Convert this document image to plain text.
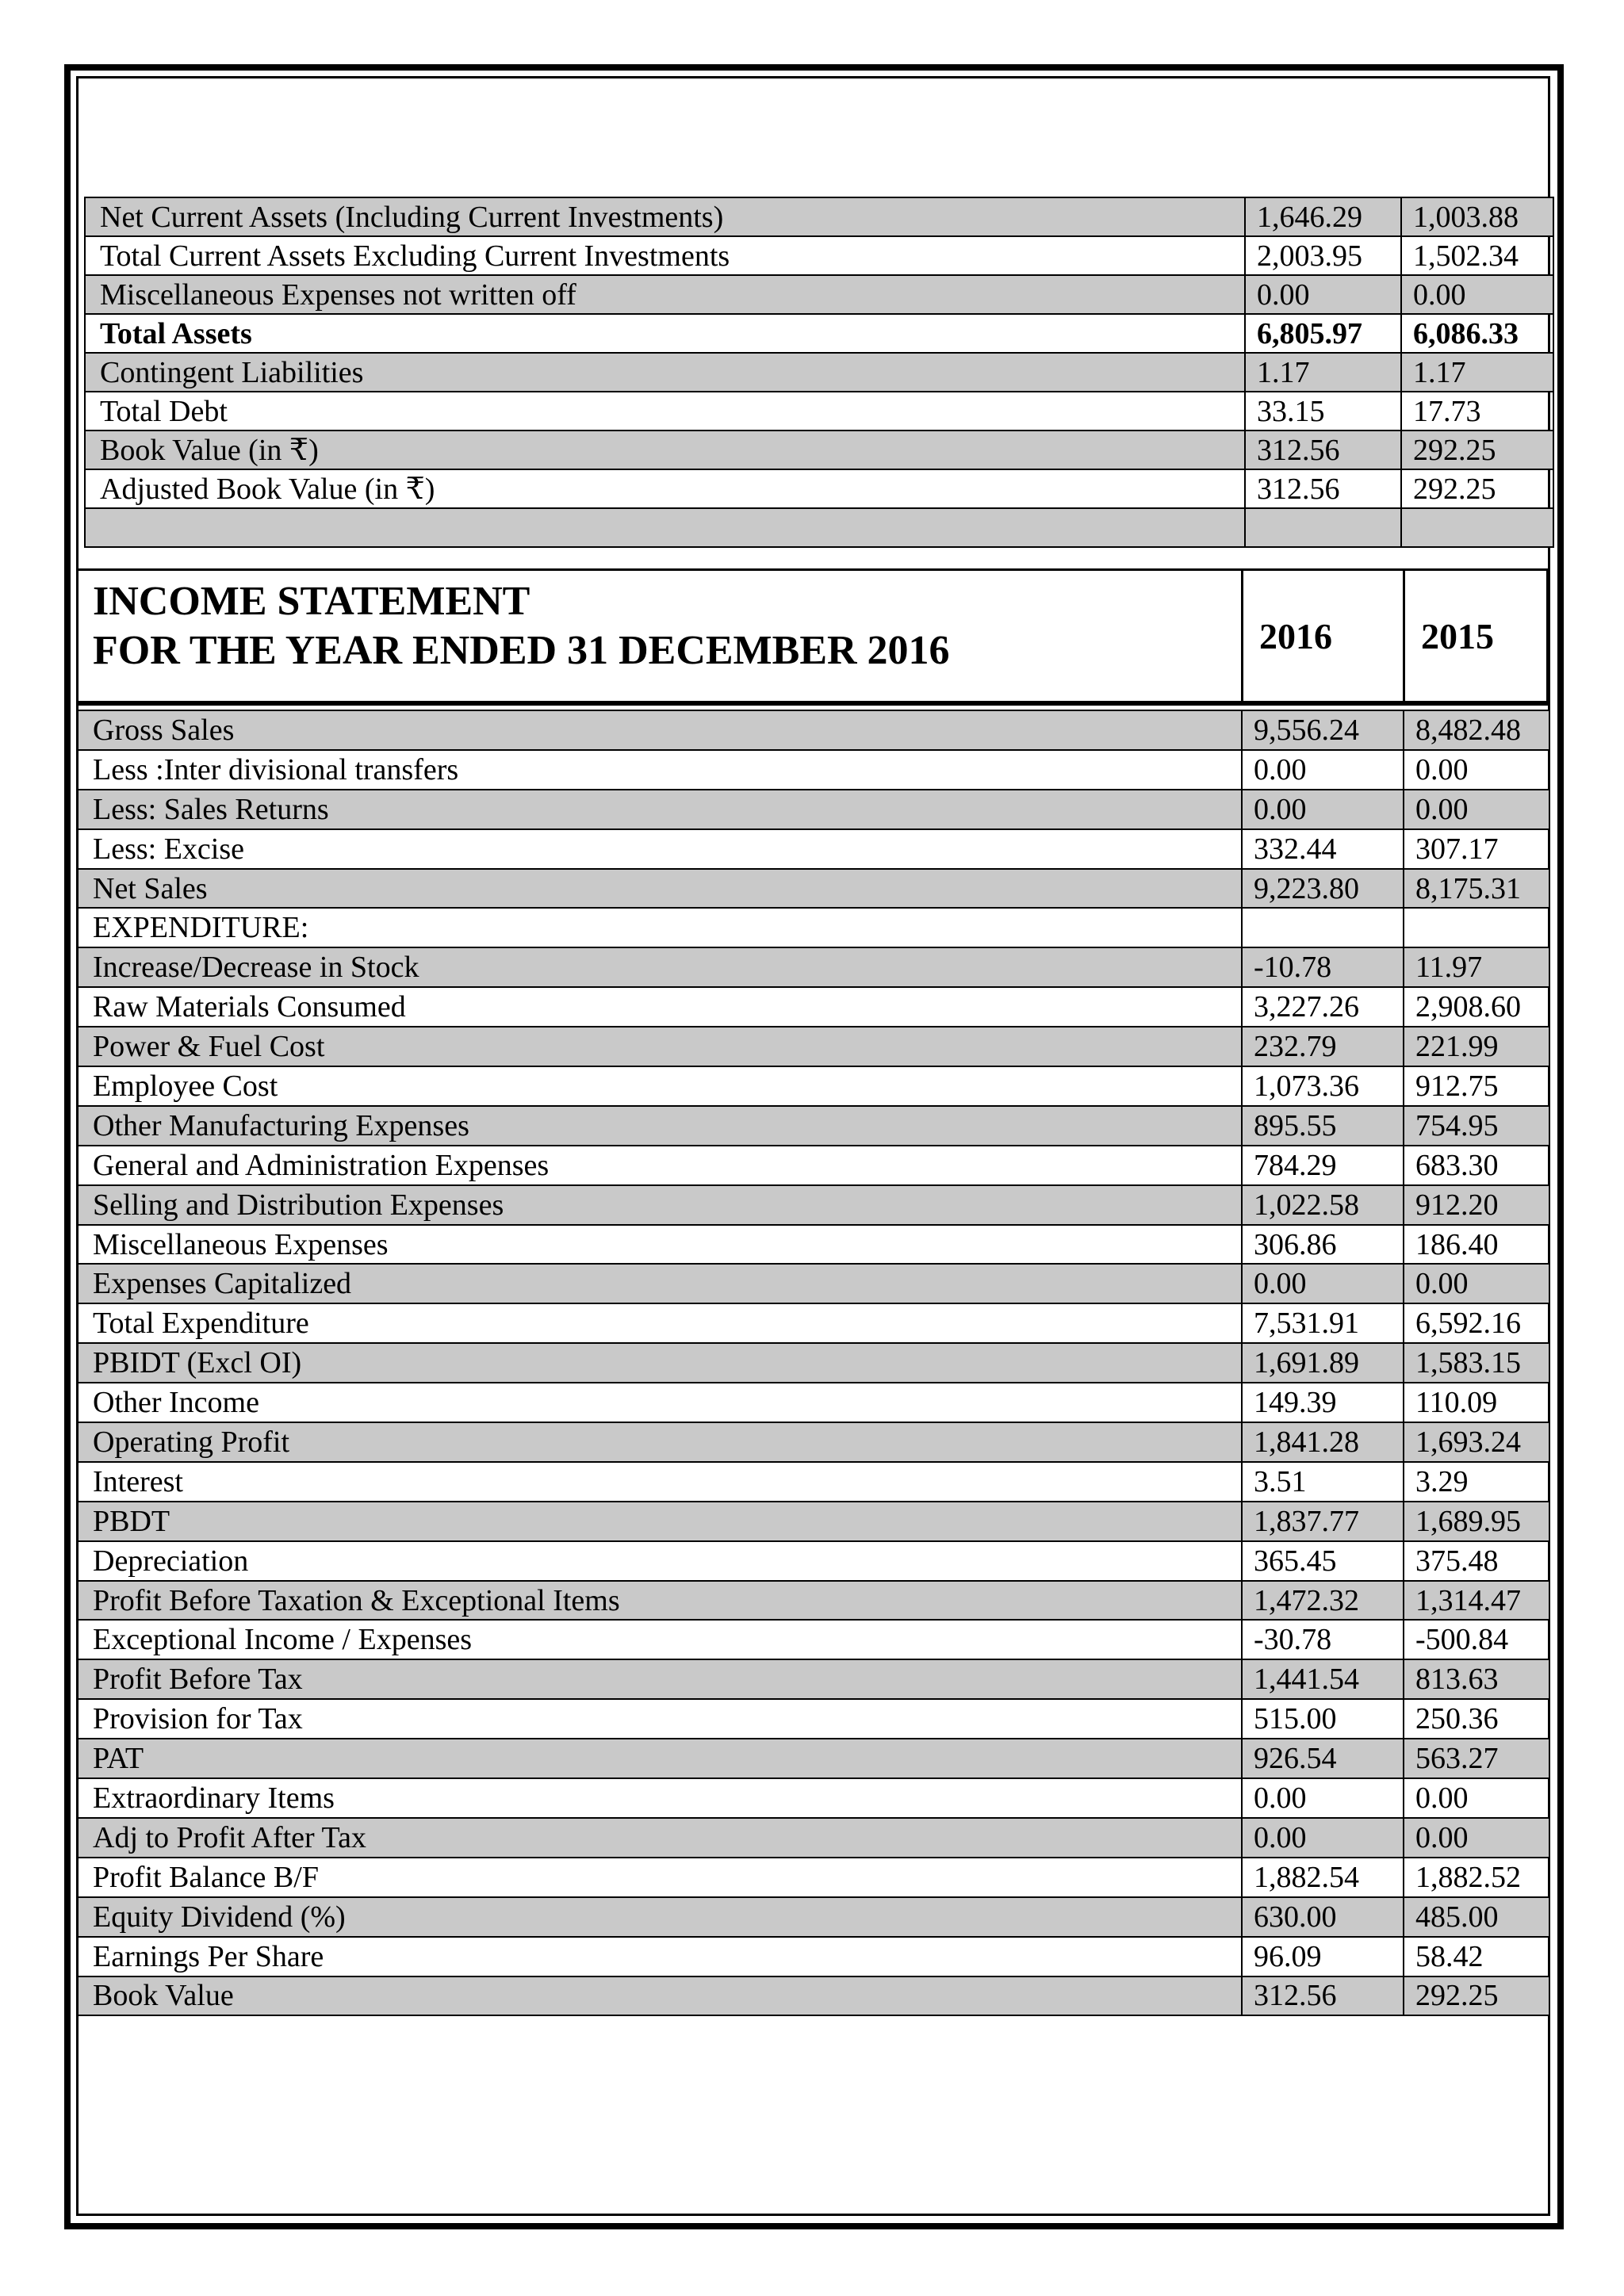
Net Current Assets (Including Current Investments)	1,646.29	1,003.88
Total Current Assets Excluding Current Investments	2,003.95	1,502.34
Miscellaneous Expenses not written off	0.00	0.00
Total Assets	6,805.97	6,086.33
Contingent Liabilities	1.17	1.17
Total Debt	33.15	17.73
Book Value (in ₹)	312.56	292.25
Adjusted Book Value (in ₹)	312.56	292.25

INCOME STATEMENT
FOR THE YEAR ENDED 31 DECEMBER 2016	2016	2015
Gross Sales	9,556.24	8,482.48
Less :Inter divisional transfers	0.00	0.00
Less: Sales Returns	0.00	0.00
Less: Excise	332.44	307.17
Net Sales	9,223.80	8,175.31
EXPENDITURE:		
Increase/Decrease in Stock	-10.78	11.97
Raw Materials Consumed	3,227.26	2,908.60
Power & Fuel Cost	232.79	221.99
Employee Cost	1,073.36	912.75
Other Manufacturing Expenses	895.55	754.95
General and Administration Expenses	784.29	683.30
Selling and Distribution Expenses	1,022.58	912.20
Miscellaneous Expenses	306.86	186.40
Expenses Capitalized	0.00	0.00
Total Expenditure	7,531.91	6,592.16
PBIDT (Excl OI)	1,691.89	1,583.15
Other Income	149.39	110.09
Operating Profit	1,841.28	1,693.24
Interest	3.51	3.29
PBDT	1,837.77	1,689.95
Depreciation	365.45	375.48
Profit Before Taxation & Exceptional Items	1,472.32	1,314.47
Exceptional Income / Expenses	-30.78	-500.84
Profit Before Tax	1,441.54	813.63
Provision for Tax	515.00	250.36
PAT	926.54	563.27
Extraordinary Items	0.00	0.00
Adj to Profit After Tax	0.00	0.00
Profit Balance B/F	1,882.54	1,882.52
Equity Dividend (%)	630.00	485.00
Earnings Per Share	96.09	58.42
Book Value	312.56	292.25
